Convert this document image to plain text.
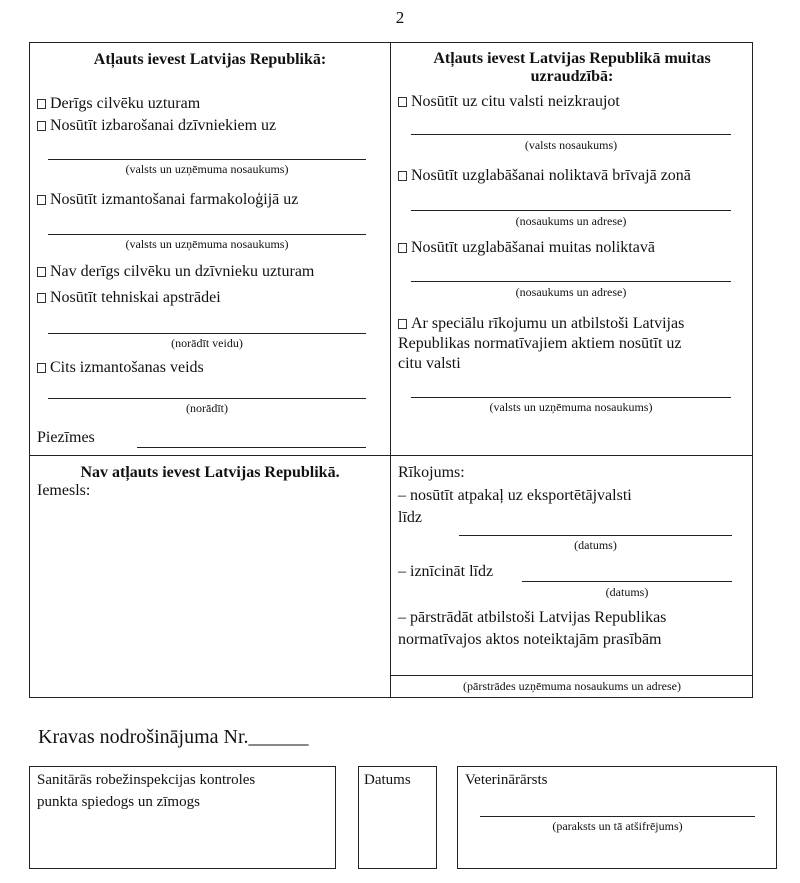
2
Atļauts ievest Latvijas Republikā:
Derīgs cilvēku uzturam
Nosūtīt izbarošanai dzīvniekiem uz
(valsts un uzņēmuma nosaukums)
Nosūtīt izmantošanai farmakoloģijā uz
(valsts un uzņēmuma nosaukums)
Nav derīgs cilvēku un dzīvnieku uzturam
Nosūtīt tehniskai apstrādei
(norādīt veidu)
Cits izmantošanas veids
(norādīt)
Piezīmes
Atļauts ievest Latvijas Republikā muitas
uzraudzībā:
Nosūtīt uz citu valsti neizkraujot
(valsts nosaukums)
Nosūtīt uzglabāšanai noliktavā brīvajā zonā
(nosaukums un adrese)
Nosūtīt uzglabāšanai muitas noliktavā
(nosaukums un adrese)
Ar speciālu rīkojumu un atbilstoši Latvijas
Republikas normatīvajiem aktiem nosūtīt uz
citu valsti
(valsts un uzņēmuma nosaukums)
Nav atļauts ievest Latvijas Republikā.
Iemesls:
Rīkojums:
– nosūtīt atpakaļ uz eksportētājvalsti
līdz
(datums)
– iznīcināt līdz
(datums)
– pārstrādāt atbilstoši Latvijas Republikas
normatīvajos aktos noteiktajām prasībām
(pārstrādes uzņēmuma nosaukums un adrese)
Kravas nodrošinājuma Nr.______
Sanitārās robežinspekcijas kontroles
punkta spiedogs un zīmogs
Datums	Veterinārārsts
(paraksts un tā atšifrējums)
